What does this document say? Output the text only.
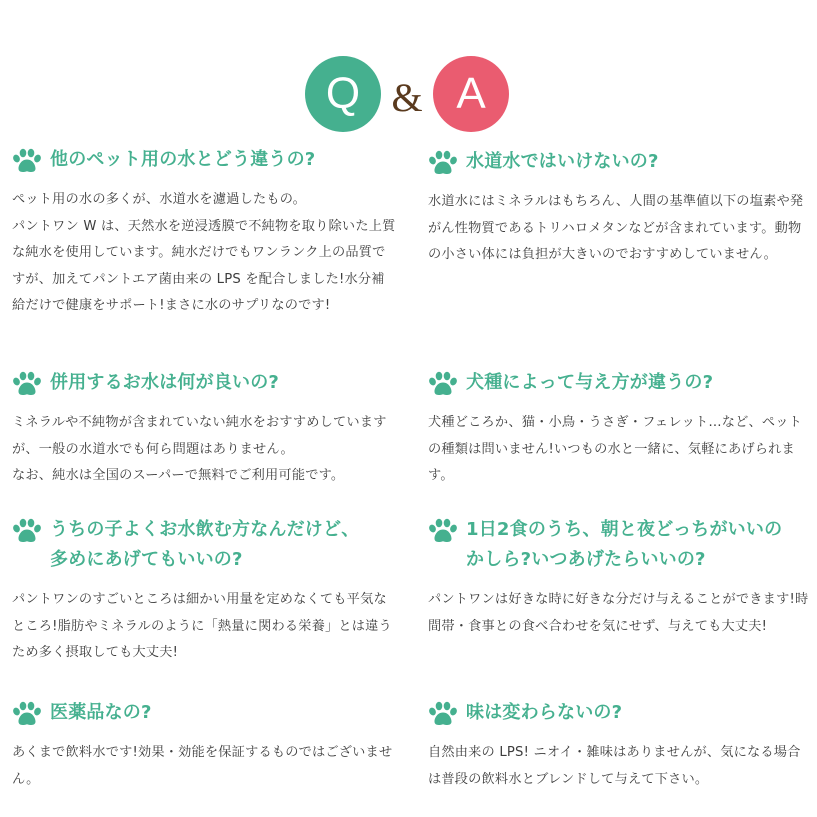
Q & A
他のペット用の水とどう違うの?
ペット用の水の多くが、水道水を濾過したもの。
パントワン W は、天然水を逆浸透膜で不純物を取り除いた上質な純水を使用しています。純水だけでもワンランク上の品質ですが、加えてパントエア菌由来の LPS を配合しました!水分補給だけで健康をサポート!まさに水のサプリなのです!
水道水ではいけないの?
水道水にはミネラルはもちろん、人間の基準値以下の塩素や発がん性物質であるトリハロメタンなどが含まれています。動物の小さい体には負担が大きいのでおすすめしていません。
併用するお水は何が良いの?
ミネラルや不純物が含まれていない純水をおすすめしていますが、一般の水道水でも何ら問題はありません。
なお、純水は全国のスーパーで無料でご利用可能です。
犬種によって与え方が違うの?
犬種どころか、猫・小鳥・うさぎ・フェレット…など、ペットの種類は問いません!いつもの水と一緒に、気軽にあげられます。
うちの子よくお水飲む方なんだけど、
多めにあげてもいいの?
パントワンのすごいところは細かい用量を定めなくても平気なところ!脂肪やミネラルのように「熱量に関わる栄養」とは違うため多く摂取しても大丈夫!
1日2食のうち、朝と夜どっちがいいの
かしら?いつあげたらいいの?
パントワンは好きな時に好きな分だけ与えることができます!時間帯・食事との食べ合わせを気にせず、与えても大丈夫!
医薬品なの?
あくまで飲料水です!効果・効能を保証するものではございません。
味は変わらないの?
自然由来の LPS! ニオイ・雑味はありませんが、気になる場合は普段の飲料水とブレンドして与えて下さい。
